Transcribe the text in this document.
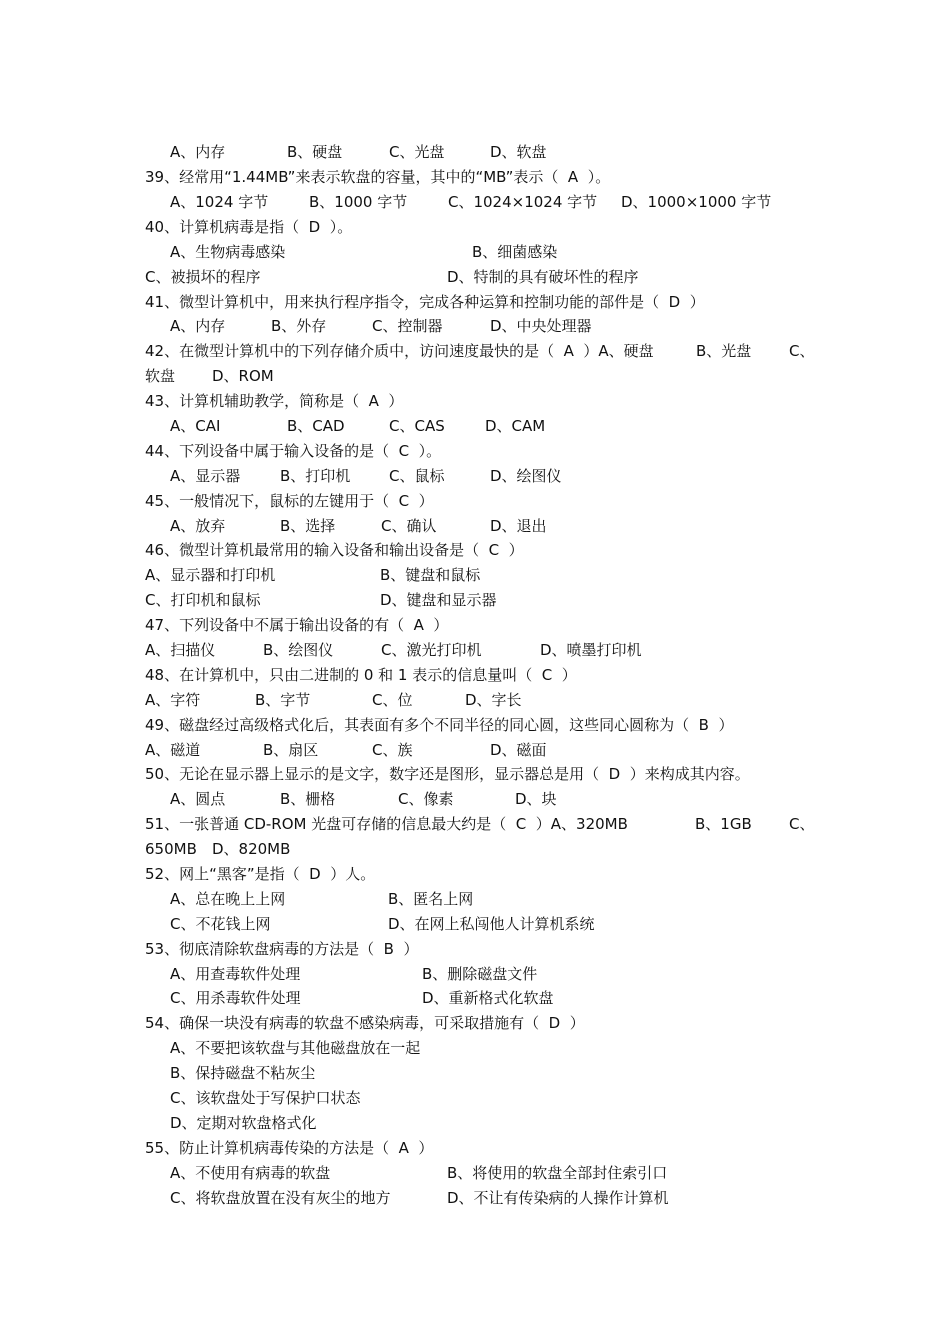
A、内存

	B、硬盘

	C、光盘

	D、软盘

39、经常用“1.44MB”来表示软盘的容量，其中的“MB”表示（  A  ）。

A、1024 字节

	B、1000 字节

	C、1024×1024 字节

D、1000×1000 字节

40、计算机病毒是指（  D  ）。

A、生物病毒感染

	B、细菌感染

C、被损坏的程序

	D、特制的具有破坏性的程序

41、微型计算机中，用来执行程序指令，完成各种运算和控制功能的部件是（  D  ）

A、内存

	B、外存

	C、控制器

	D、中央处理器

42、在微型计算机中的下列存储介质中，访问速度最快的是（  A  ）A、硬盘

	B、光盘

	C、

软盘

D、ROM

43、计算机辅助教学，简称是（  A  ）

A、CAI

	B、CAD

	C、CAS

	D、CAM

44、下列设备中属于输入设备的是（  C  ）。

A、显示器

	B、打印机

	C、鼠标

	D、绘图仪

45、一般情况下，鼠标的左键用于（  C  ）

A、放弃

	B、选择

	C、确认

	D、退出

46、微型计算机最常用的输入设备和输出设备是（  C  ）

A、显示器和打印机

	B、键盘和鼠标

C、打印机和鼠标

	D、键盘和显示器

47、下列设备中不属于输出设备的有（  A  ）

A、扫描仪

	B、绘图仪

	C、激光打印机

	D、喷墨打印机

48、在计算机中，只由二进制的 0 和 1 表示的信息量叫（  C  ）

A、字符

	B、字节

	C、位

	D、字长

49、磁盘经过高级格式化后，其表面有多个不同半径的同心圆，这些同心圆称为（  B  ）

A、磁道

	B、扇区

	C、族

	D、磁面

50、无论在显示器上显示的是文字，数字还是图形，显示器总是用（  D  ）来构成其内容。

A、圆点

	B、栅格

	C、像素

	D、块

51、一张普通 CD-ROM 光盘可存储的信息最大约是（  C  ）A、320MB

	B、1GB

C、

650MB

D、820MB

52、网上“黑客”是指（  D  ）人。

A、总在晚上上网

	B、匿名上网

C、不花钱上网

	D、在网上私闯他人计算机系统

53、彻底清除软盘病毒的方法是（  B  ）

A、用查毒软件处理

	B、删除磁盘文件

C、用杀毒软件处理

	D、重新格式化软盘

54、确保一块没有病毒的软盘不感染病毒，可采取措施有（  D  ）

A、不要把该软盘与其他磁盘放在一起

B、保持磁盘不粘灰尘

C、该软盘处于写保护口状态

D、定期对软盘格式化

55、防止计算机病毒传染的方法是（  A  ）

A、不使用有病毒的软盘

	B、将使用的软盘全部封住索引口

C、将软盘放置在没有灰尘的地方

	D、不让有传染病的人操作计算机
